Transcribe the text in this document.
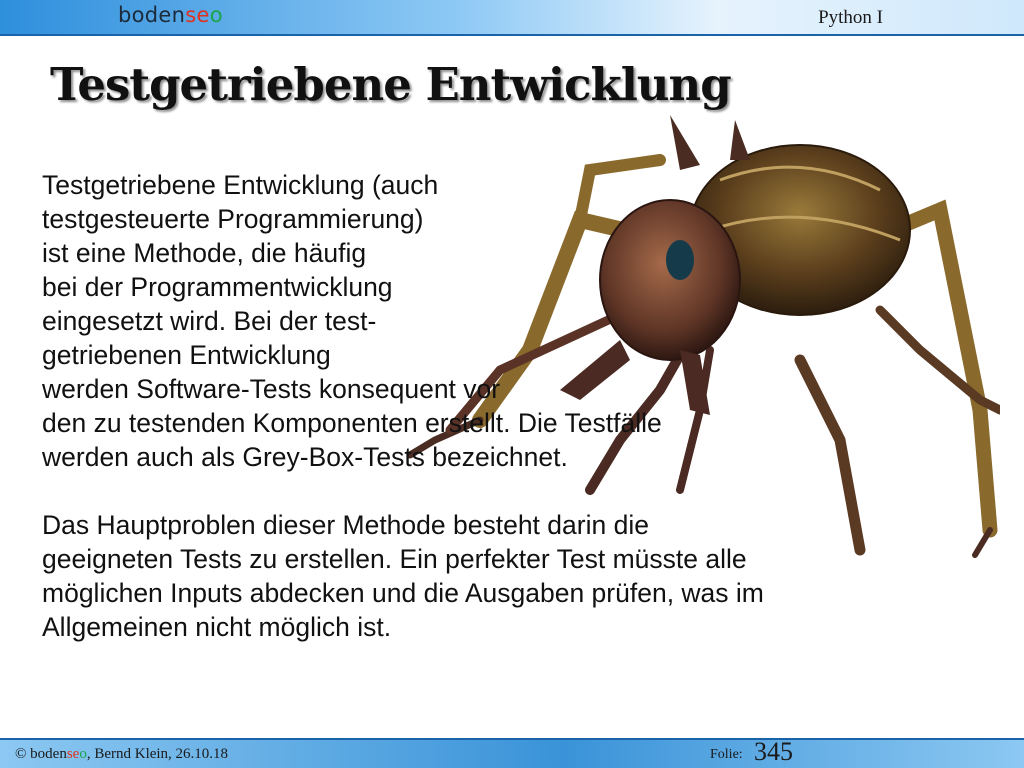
bodenseo	Python I
Testgetriebene Entwicklung

Testgetriebene Entwicklung (auch
testgesteuerte Programmierung)
ist eine Methode, die häufig
bei der Programmentwicklung
eingesetzt wird. Bei der test-
getriebenen Entwicklung
werden Software-Tests konsequent vor
den zu testenden Komponenten erstellt. Die Testfälle
werden auch als Grey-Box-Tests bezeichnet.

Das Hauptproblen dieser Methode besteht darin die
geeigneten Tests zu erstellen. Ein perfekter Test müsste alle
möglichen Inputs abdecken und die Ausgaben prüfen, was im
Allgemeinen nicht möglich ist.

© bodenseo, Bernd Klein, 26.10.18	Folie: 345
